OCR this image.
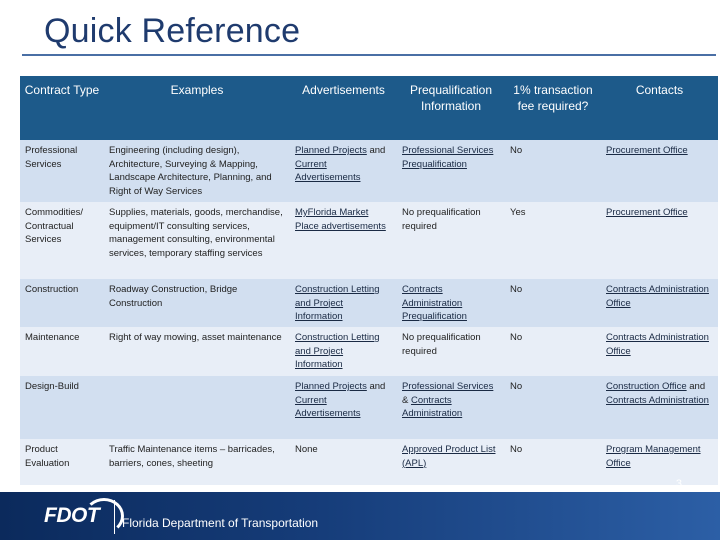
Quick Reference
Contract Type	Examples	Advertisements	Prequalification Information	1% transaction fee required?	Contacts
Professional Services	Engineering (including design), Architecture, Surveying & Mapping, Landscape Architecture, Planning, and Right of Way Services	Planned Projects and Current Advertisements	Professional Services Prequalification	No	Procurement Office
Commodities/ Contractual Services	Supplies, materials, goods, merchandise, equipment/IT consulting services, management consulting, environmental services, temporary staffing services	MyFlorida Market Place advertisements	No prequalification required	Yes	Procurement Office
Construction	Roadway Construction, Bridge Construction	Construction Letting and Project Information	Contracts Administration Prequalification	No	Contracts Administration Office
Maintenance	Right of way mowing, asset maintenance	Construction Letting and Project Information	No prequalification required	No	Contracts Administration Office
Design-Build		Planned Projects and Current Advertisements	Professional Services & Contracts Administration	No	Construction Office and Contracts Administration
Product Evaluation	Traffic Maintenance items – barricades, barriers, cones, sheeting	None	Approved Product List (APL)	No	Program Management Office
FDOT Florida Department of Transportation
3
